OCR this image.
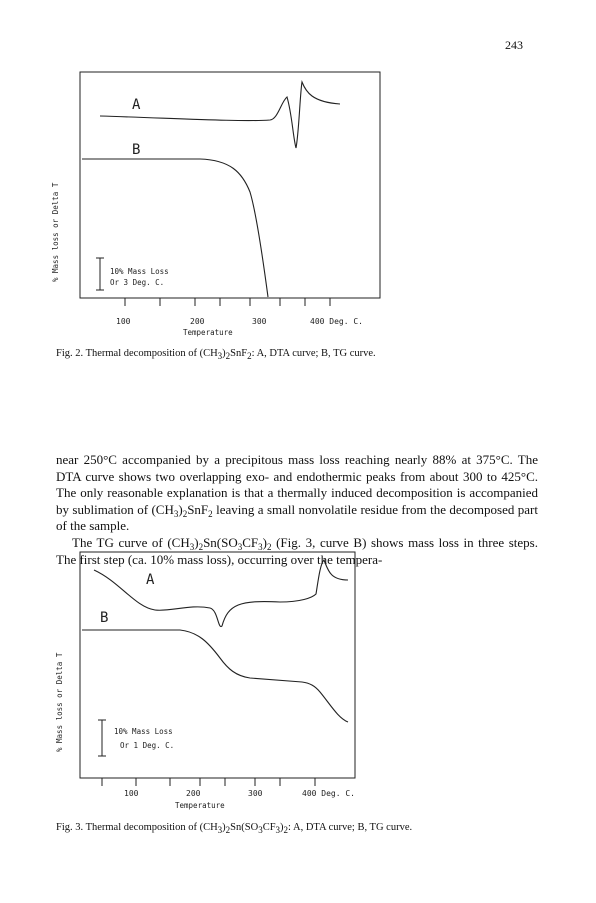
243
A
B
10% Mass Loss
Or 3 Deg. C.
100	200	300	400 Deg. C.
Temperature
% Mass loss or Delta T
Fig. 2. Thermal decomposition of $(CH_3)_2SnF_2$: A, DTA curve; B, TG curve.

near 250°C accompanied by a precipitous mass loss reaching nearly 88% at 375°C. The DTA curve shows two overlapping exo- and endothermic peaks from about 300 to 425°C. The only reasonable explanation is that a thermally induced decomposition is accompanied by sublimation of $(CH_3)_2SnF_2$ leaving a small nonvolatile residue from the decomposed part of the sample.

The TG curve of $(CH_3)_2Sn(SO_3CF_3)_2$ (Fig. 3, curve B) shows mass loss in three steps. The first step (ca. 10% mass loss), occurring over the tempera-

A
B
10% Mass Loss
Or 1 Deg. C.
100	200	300	400 Deg. C.
Temperature
% Mass loss or Delta T
Fig. 3. Thermal decomposition of $(CH_3)_2Sn(SO_3CF_3)_2$: A, DTA curve; B, TG curve.
